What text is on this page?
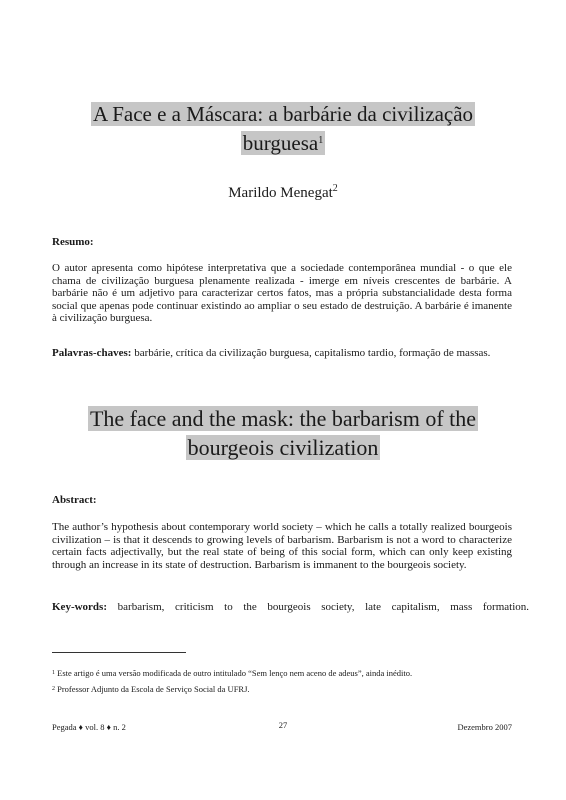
A Face e a Máscara: a barbárie da civilização
burguesa$^1$
Marildo Menegat$^2$
Resumo:
O autor apresenta como hipótese interpretativa que a sociedade contemporânea mundial - o que ele chama de civilização burguesa plenamente realizada - imerge em níveis crescentes de barbárie. A barbárie não é um adjetivo para caracterizar certos fatos, mas a própria substancialidade desta forma social que apenas pode continuar existindo ao ampliar o seu estado de destruição. A barbárie é imanente à civilização burguesa.
Palavras-chaves: barbárie, crítica da civilização burguesa, capitalismo tardio, formação de massas.
The face and the mask: the barbarism of the
bourgeois civilization
Abstract:
The author’s hypothesis about contemporary world society – which he calls a totally realized bourgeois civilization – is that it descends to growing levels of barbarism. Barbarism is not a word to characterize certain facts adjectivally, but the real state of being of this social form, which can only keep existing through an increase in its state of destruction. Barbarism is immanent to the bourgeois society.
Key-words: barbarism, criticism to the bourgeois society, late capitalism, mass formation.
$^1$ Este artigo é uma versão modificada de outro intitulado “Sem lenço nem aceno de adeus”, ainda inédito.
$^2$ Professor Adjunto da Escola de Serviço Social da UFRJ.
Pegada ♦ vol. 8 ♦ n. 2	27	Dezembro 2007
